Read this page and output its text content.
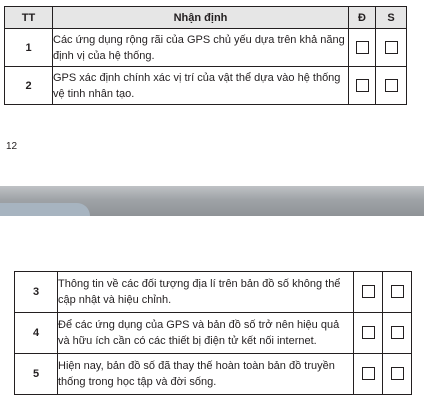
TT	Nhận định	Đ	S
1	Các ứng dụng rộng rãi của GPS chủ yếu dựa trên khả năng định vị của hệ thống.		
2	GPS xác định chính xác vị trí của vật thể dựa vào hệ thống vệ tinh nhân tạo.		
12
3	Thông tin về các đối tượng địa lí trên bản đồ số không thể cập nhật và hiệu chỉnh.		
4	Để các ứng dụng của GPS và bản đồ số trở nên hiệu quả và hữu ích cần có các thiết bị điện tử kết nối internet.		
5	Hiện nay, bản đồ số đã thay thế hoàn toàn bản đồ truyền thống trong học tập và đời sống.		
